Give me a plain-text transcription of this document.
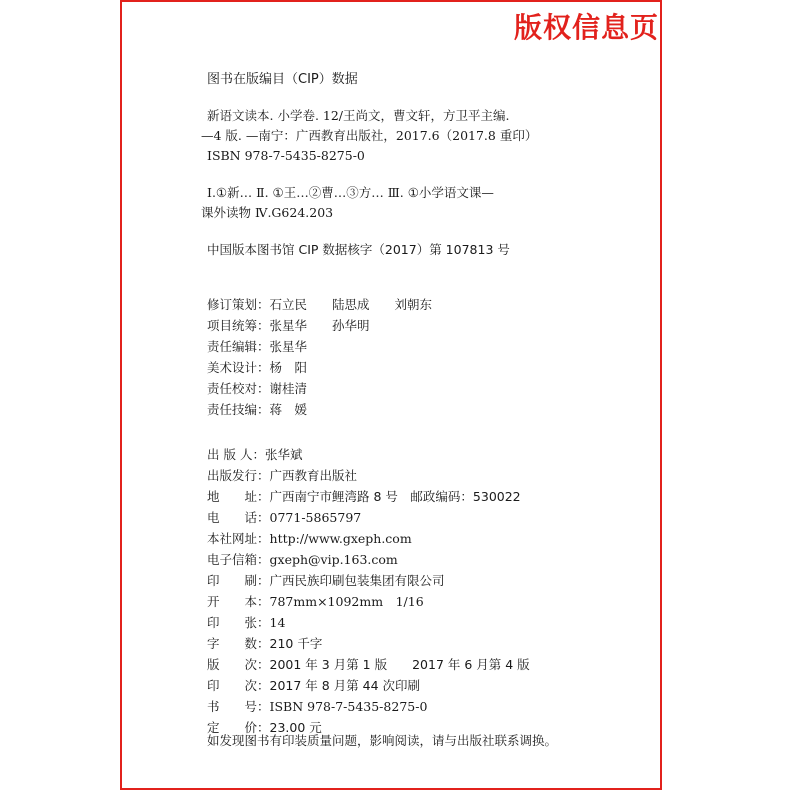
版权信息页
图书在版编目（CIP）数据
新语文读本. 小学卷. 12/王尚文，曹文轩，方卫平主编.
—4 版. —南宁：广西教育出版社，2017.6（2017.8 重印）
ISBN 978-7-5435-8275-0
Ⅰ.①新… Ⅱ. ①王…②曹…③方… Ⅲ. ①小学语文课—
课外读物 Ⅳ.G624.203
中国版本图书馆 CIP 数据核字（2017）第 107813 号
修订策划：石立民　　陆思成　　刘朝东
项目统筹：张星华　　孙华明
责任编辑：张星华
美术设计：杨　阳
责任校对：谢桂清
责任技编：蒋　媛
出 版 人：张华斌
出版发行：广西教育出版社
地　　址：广西南宁市鲤湾路 8 号　邮政编码：530022
电　　话：0771-5865797
本社网址：http://www.gxeph.com
电子信箱：gxeph@vip.163.com
印　　刷：广西民族印刷包装集团有限公司
开　　本：787mm×1092mm　1/16
印　　张：14
字　　数：210 千字
版　　次：2001 年 3 月第 1 版　　2017 年 6 月第 4 版
印　　次：2017 年 8 月第 44 次印刷
书　　号：ISBN 978-7-5435-8275-0
定　　价：23.00 元
如发现图书有印装质量问题，影响阅读，请与出版社联系调换。
